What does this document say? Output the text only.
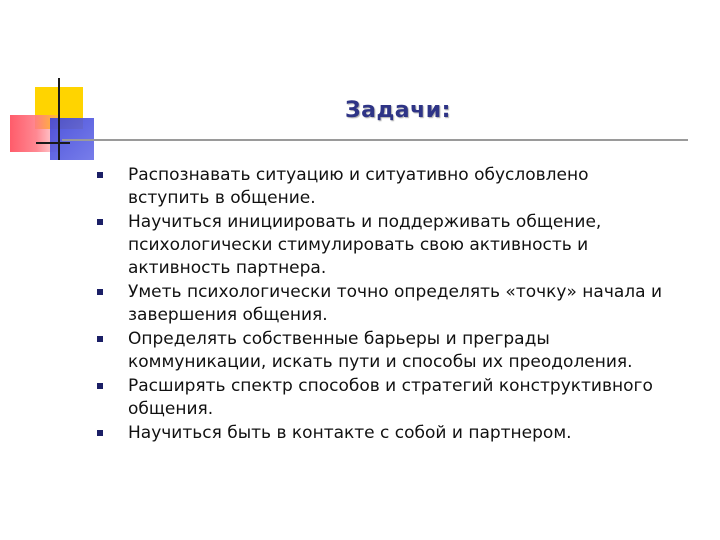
Задачи:
Распознавать ситуацию и ситуативно обусловлено вступить в общение.
Научиться инициировать и поддерживать общение, психологически стимулировать свою активность и активность партнера.
Уметь психологически точно определять «точку» начала и завершения общения.
Определять собственные барьеры и преграды коммуникации, искать пути и способы их преодоления.
Расширять спектр способов и стратегий конструктивного общения.
Научиться быть в контакте с собой и партнером.
